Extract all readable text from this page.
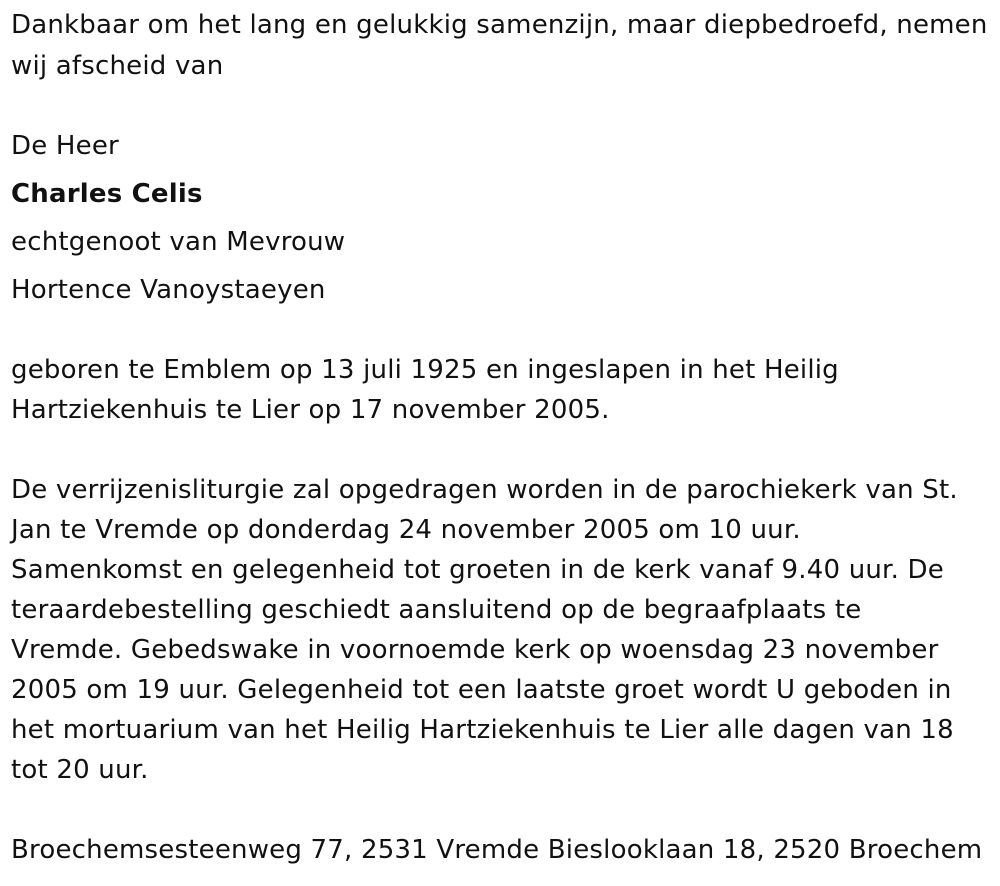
Dankbaar om het lang en gelukkig samenzijn, maar diepbedroefd, nemen
wij afscheid van
De Heer
Charles Celis
echtgenoot van Mevrouw
Hortence Vanoystaeyen
geboren te Emblem op 13 juli 1925 en ingeslapen in het Heilig
Hartziekenhuis te Lier op 17 november 2005.
De verrijzenisliturgie zal opgedragen worden in de parochiekerk van St.
Jan te Vremde op donderdag 24 november 2005 om 10 uur.
Samenkomst en gelegenheid tot groeten in de kerk vanaf 9.40 uur. De
teraardebestelling geschiedt aansluitend op de begraafplaats te
Vremde. Gebedswake in voornoemde kerk op woensdag 23 november
2005 om 19 uur. Gelegenheid tot een laatste groet wordt U geboden in
het mortuarium van het Heilig Hartziekenhuis te Lier alle dagen van 18
tot 20 uur.
Broechemsesteenweg 77, 2531 Vremde Bieslooklaan 18, 2520 Broechem
